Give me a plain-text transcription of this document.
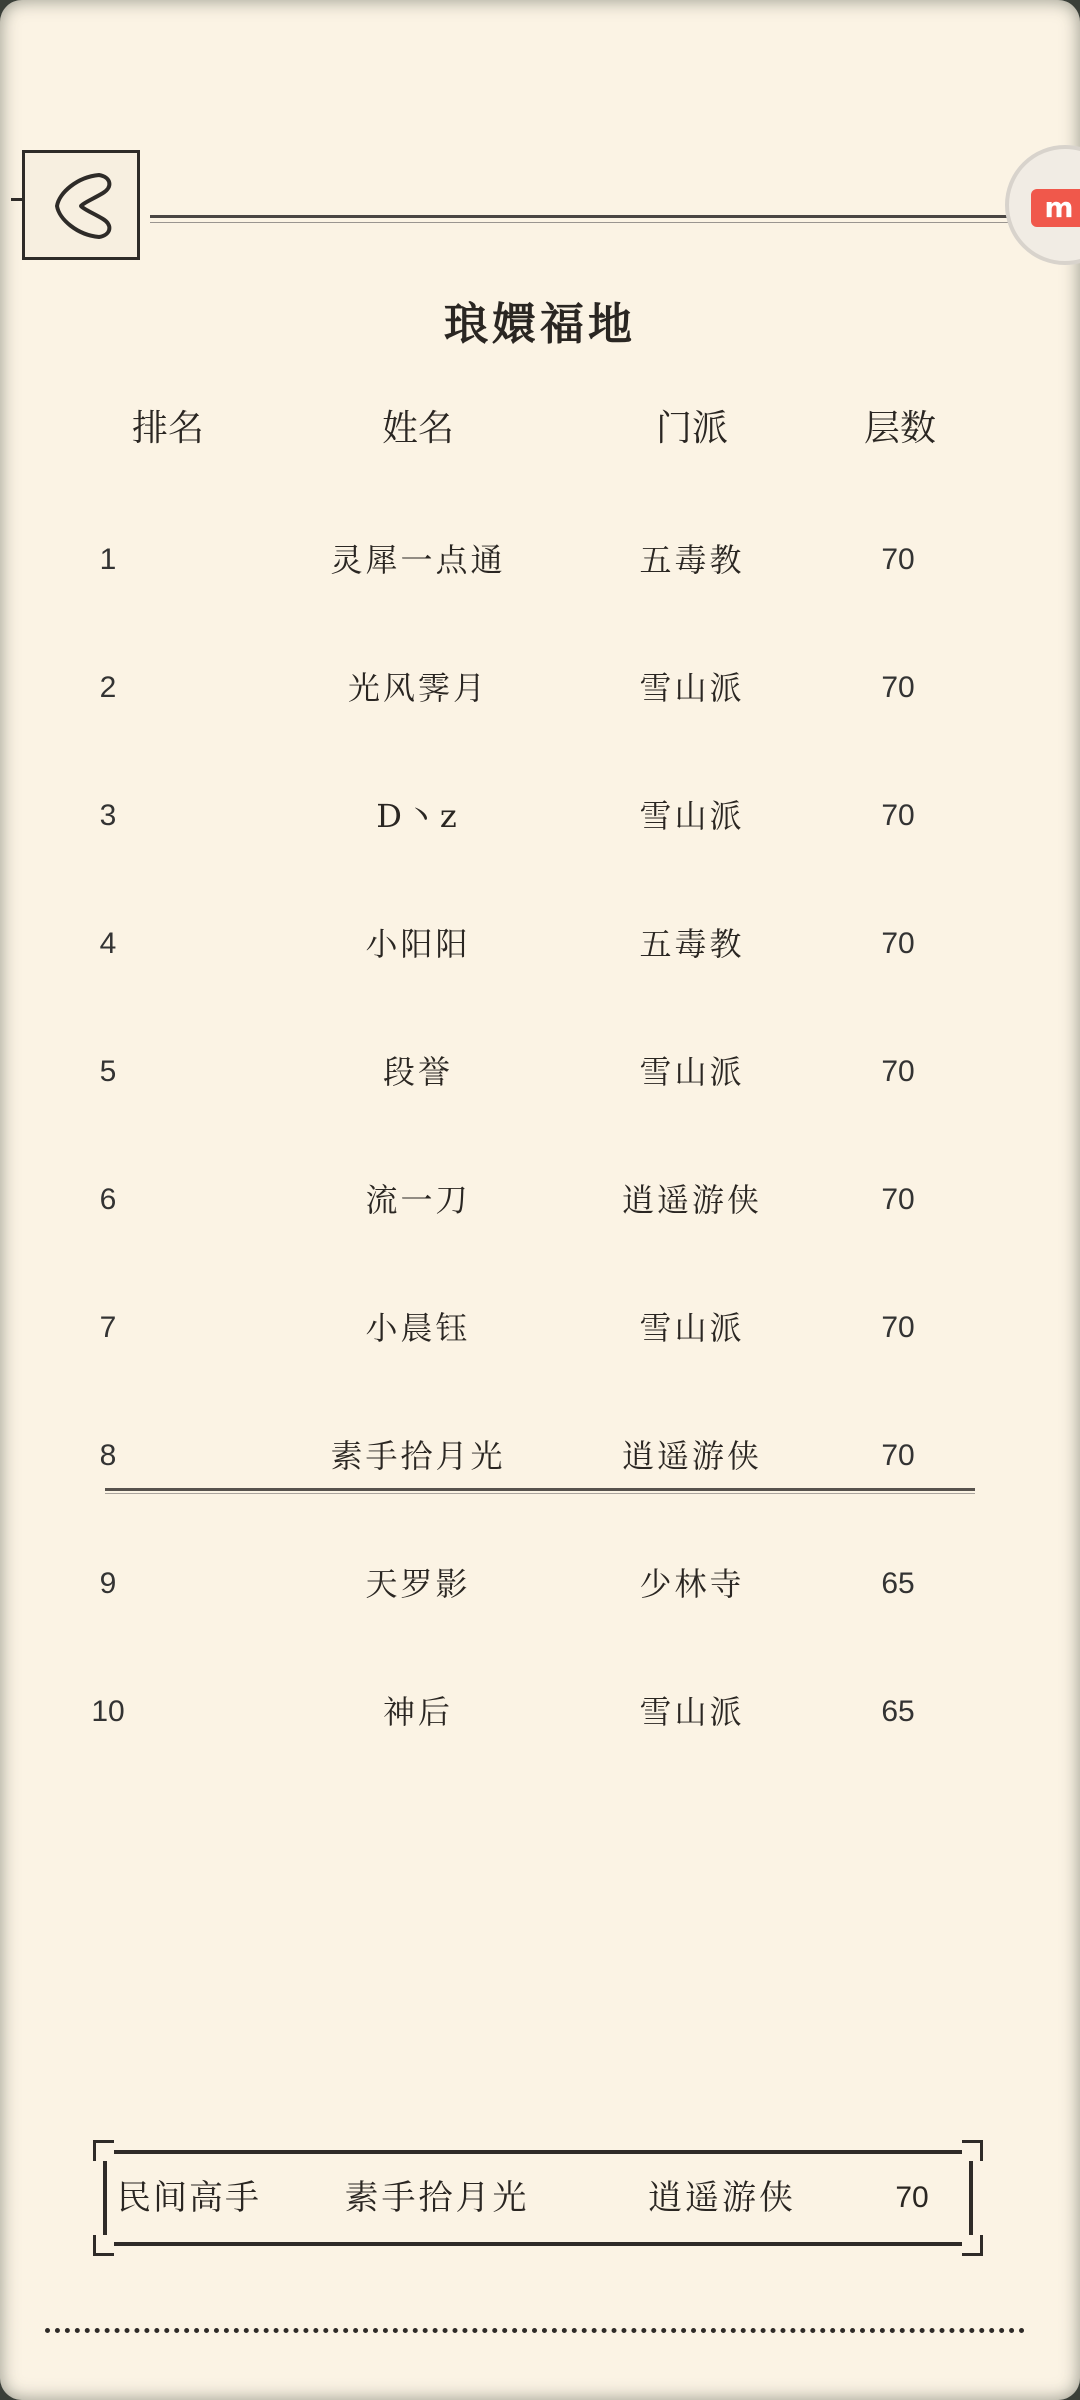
m
琅嬛福地
排名	姓名	门派	层数
1	灵犀一点通	五毒教	70
2	光风霁月	雪山派	70
3	D丶z	雪山派	70
4	小阳阳	五毒教	70
5	段誉	雪山派	70
6	流一刀	逍遥游侠	70
7	小晨钰	雪山派	70
8	素手拾月光	逍遥游侠	70
9	天罗影	少林寺	65
10	神后	雪山派	65
民间高手	素手拾月光	逍遥游侠	70
